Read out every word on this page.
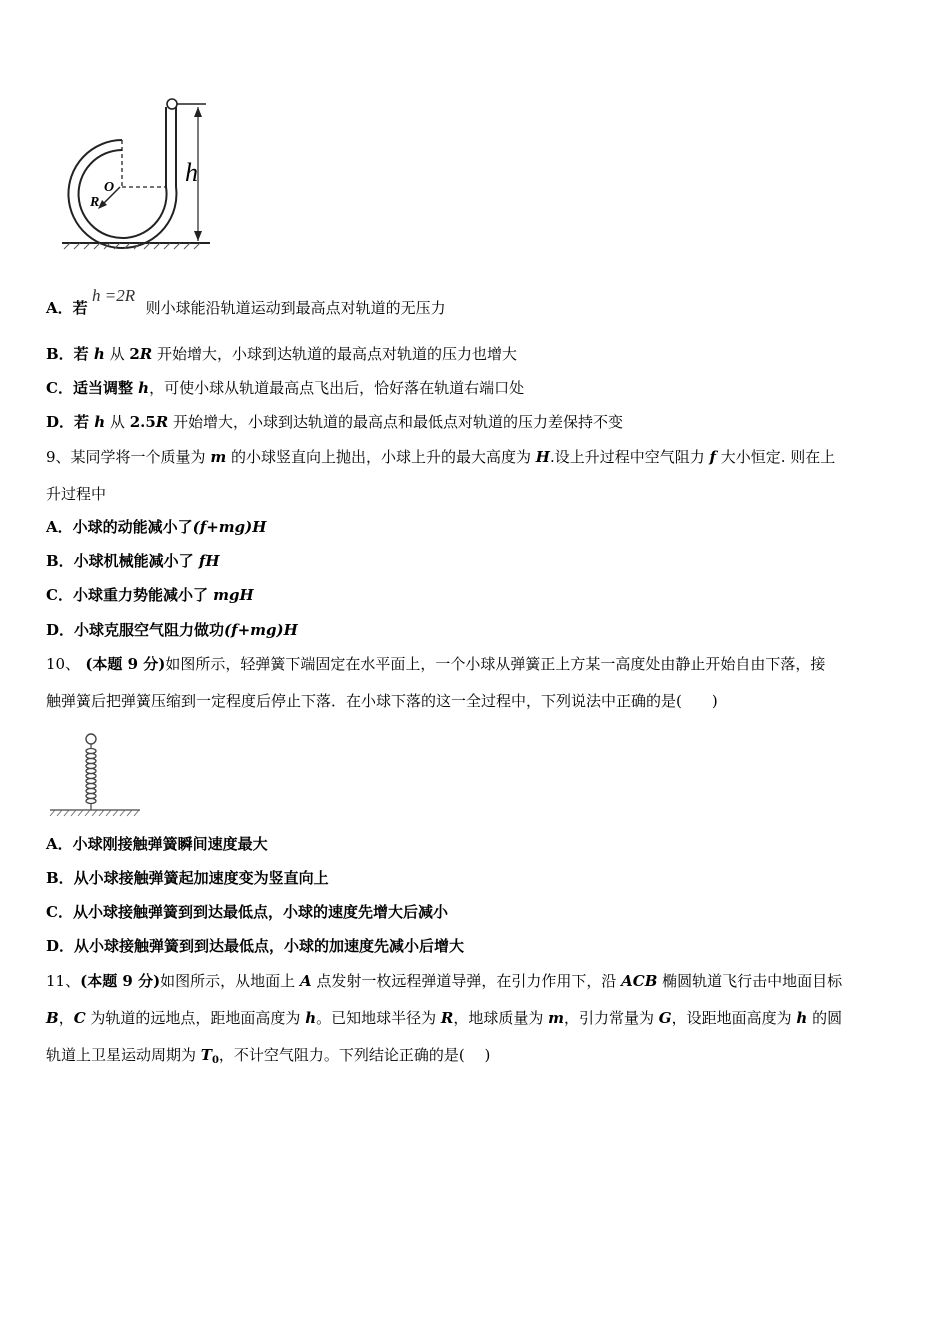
h
O
R
A．若	则小球能沿轨道运动到最高点对轨道的无压力
h =2R
B．若 h 从 2R 开始增大，小球到达轨道的最高点对轨道的压力也增大
C．适当调整 h，可使小球从轨道最高点飞出后，恰好落在轨道右端口处
D．若 h 从 2.5R 开始增大，小球到达轨道的最高点和最低点对轨道的压力差保持不变
9、某同学将一个质量为 m 的小球竖直向上抛出，小球上升的最大高度为 H.设上升过程中空气阻力 f 大小恒定. 则在上
升过程中
A．小球的动能减小了(f+mg)H
B．小球机械能减小了 fH
C．小球重力势能减小了 mgH
D．小球克服空气阻力做功(f+mg)H
10、 (本题 9 分)如图所示，轻弹簧下端固定在水平面上，一个小球从弹簧正上方某一高度处由静止开始自由下落，接
触弹簧后把弹簧压缩到一定程度后停止下落．在小球下落的这一全过程中，下列说法中正确的是(　　)
A．小球刚接触弹簧瞬间速度最大
B．从小球接触弹簧起加速度变为竖直向上
C．从小球接触弹簧到到达最低点，小球的速度先增大后减小
D．从小球接触弹簧到到达最低点，小球的加速度先减小后增大
11、(本题 9 分)如图所示，从地面上 A 点发射一枚远程弹道导弹，在引力作用下，沿 ACB 椭圆轨道飞行击中地面目标
B，C 为轨道的远地点，距地面高度为 h。已知地球半径为 R，地球质量为 m，引力常量为 G，设距地面高度为 h 的圆
轨道上卫星运动周期为 $T_0$，不计空气阻力。下列结论正确的是(　 )
